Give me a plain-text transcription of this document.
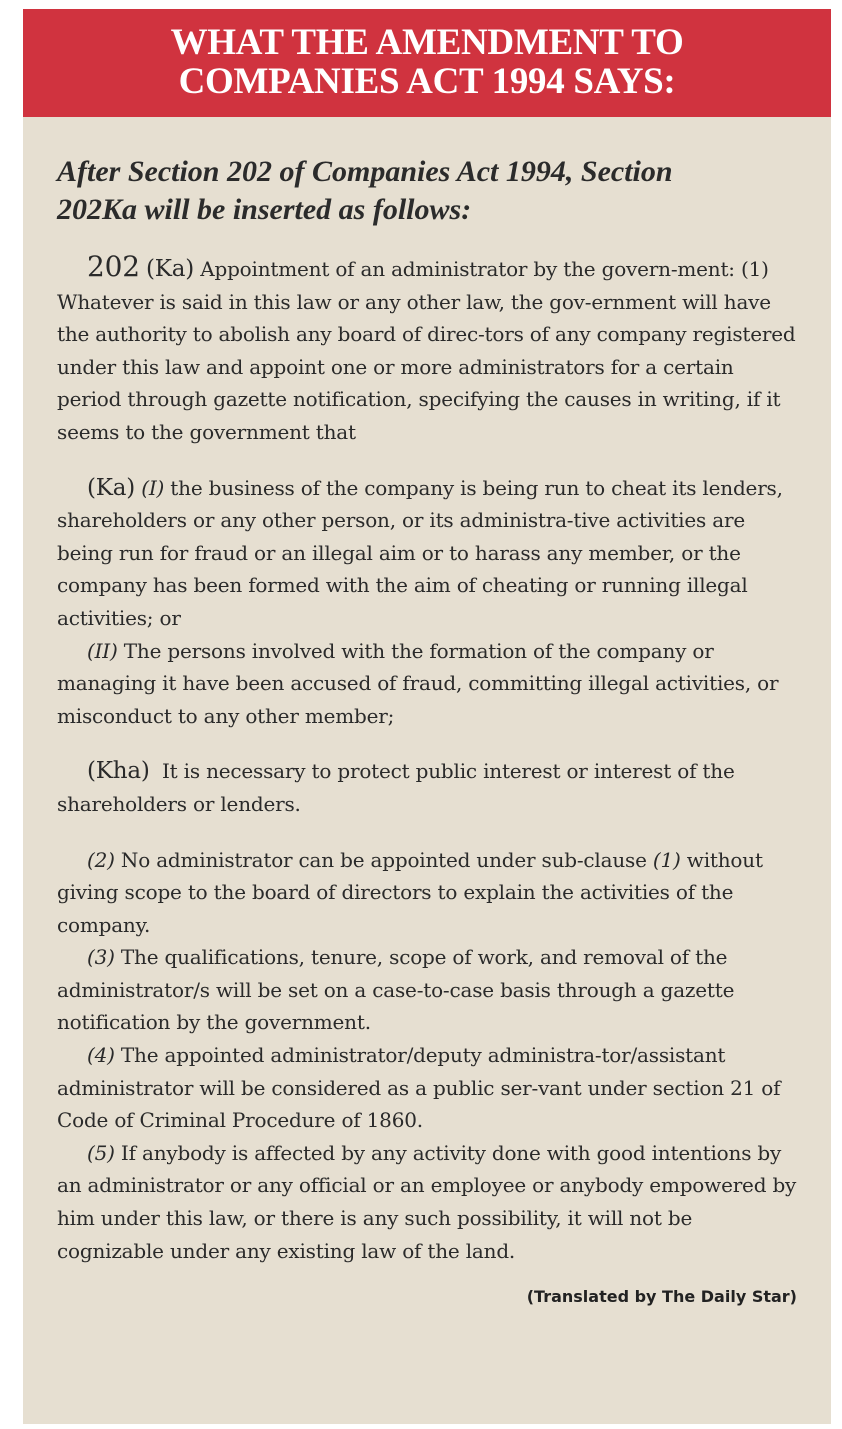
WHAT THE AMENDMENT TO
COMPANIES ACT 1994 SAYS:

After Section 202 of Companies Act 1994, Section
202Ka will be inserted as follows:

202 (Ka) Appointment of an administrator by the govern-ment: (1) Whatever is said in this law or any other law, the gov-ernment will have the authority to abolish any board of direc-tors of any company registered under this law and appoint one or more administrators for a certain period through gazette notification, specifying the causes in writing, if it seems to the government that

(Ka) (I) the business of the company is being run to cheat its lenders, shareholders or any other person, or its administra-tive activities are being run for fraud or an illegal aim or to harass any member, or the company has been formed with the aim of cheating or running illegal activities; or

(II) The persons involved with the formation of the company or managing it have been accused of fraud, committing illegal activities, or misconduct to any other member;

(Kha) It is necessary to protect public interest or interest of the shareholders or lenders.

(2) No administrator can be appointed under sub-clause (1) without giving scope to the board of directors to explain the activities of the company.

(3) The qualifications, tenure, scope of work, and removal of the administrator/s will be set on a case-to-case basis through a gazette notification by the government.

(4) The appointed administrator/deputy administra-tor/assistant administrator will be considered as a public ser-vant under section 21 of Code of Criminal Procedure of 1860.

(5) If anybody is affected by any activity done with good intentions by an administrator or any official or an employee or anybody empowered by him under this law, or there is any such possibility, it will not be cognizable under any existing law of the land.

(Translated by The Daily Star)
